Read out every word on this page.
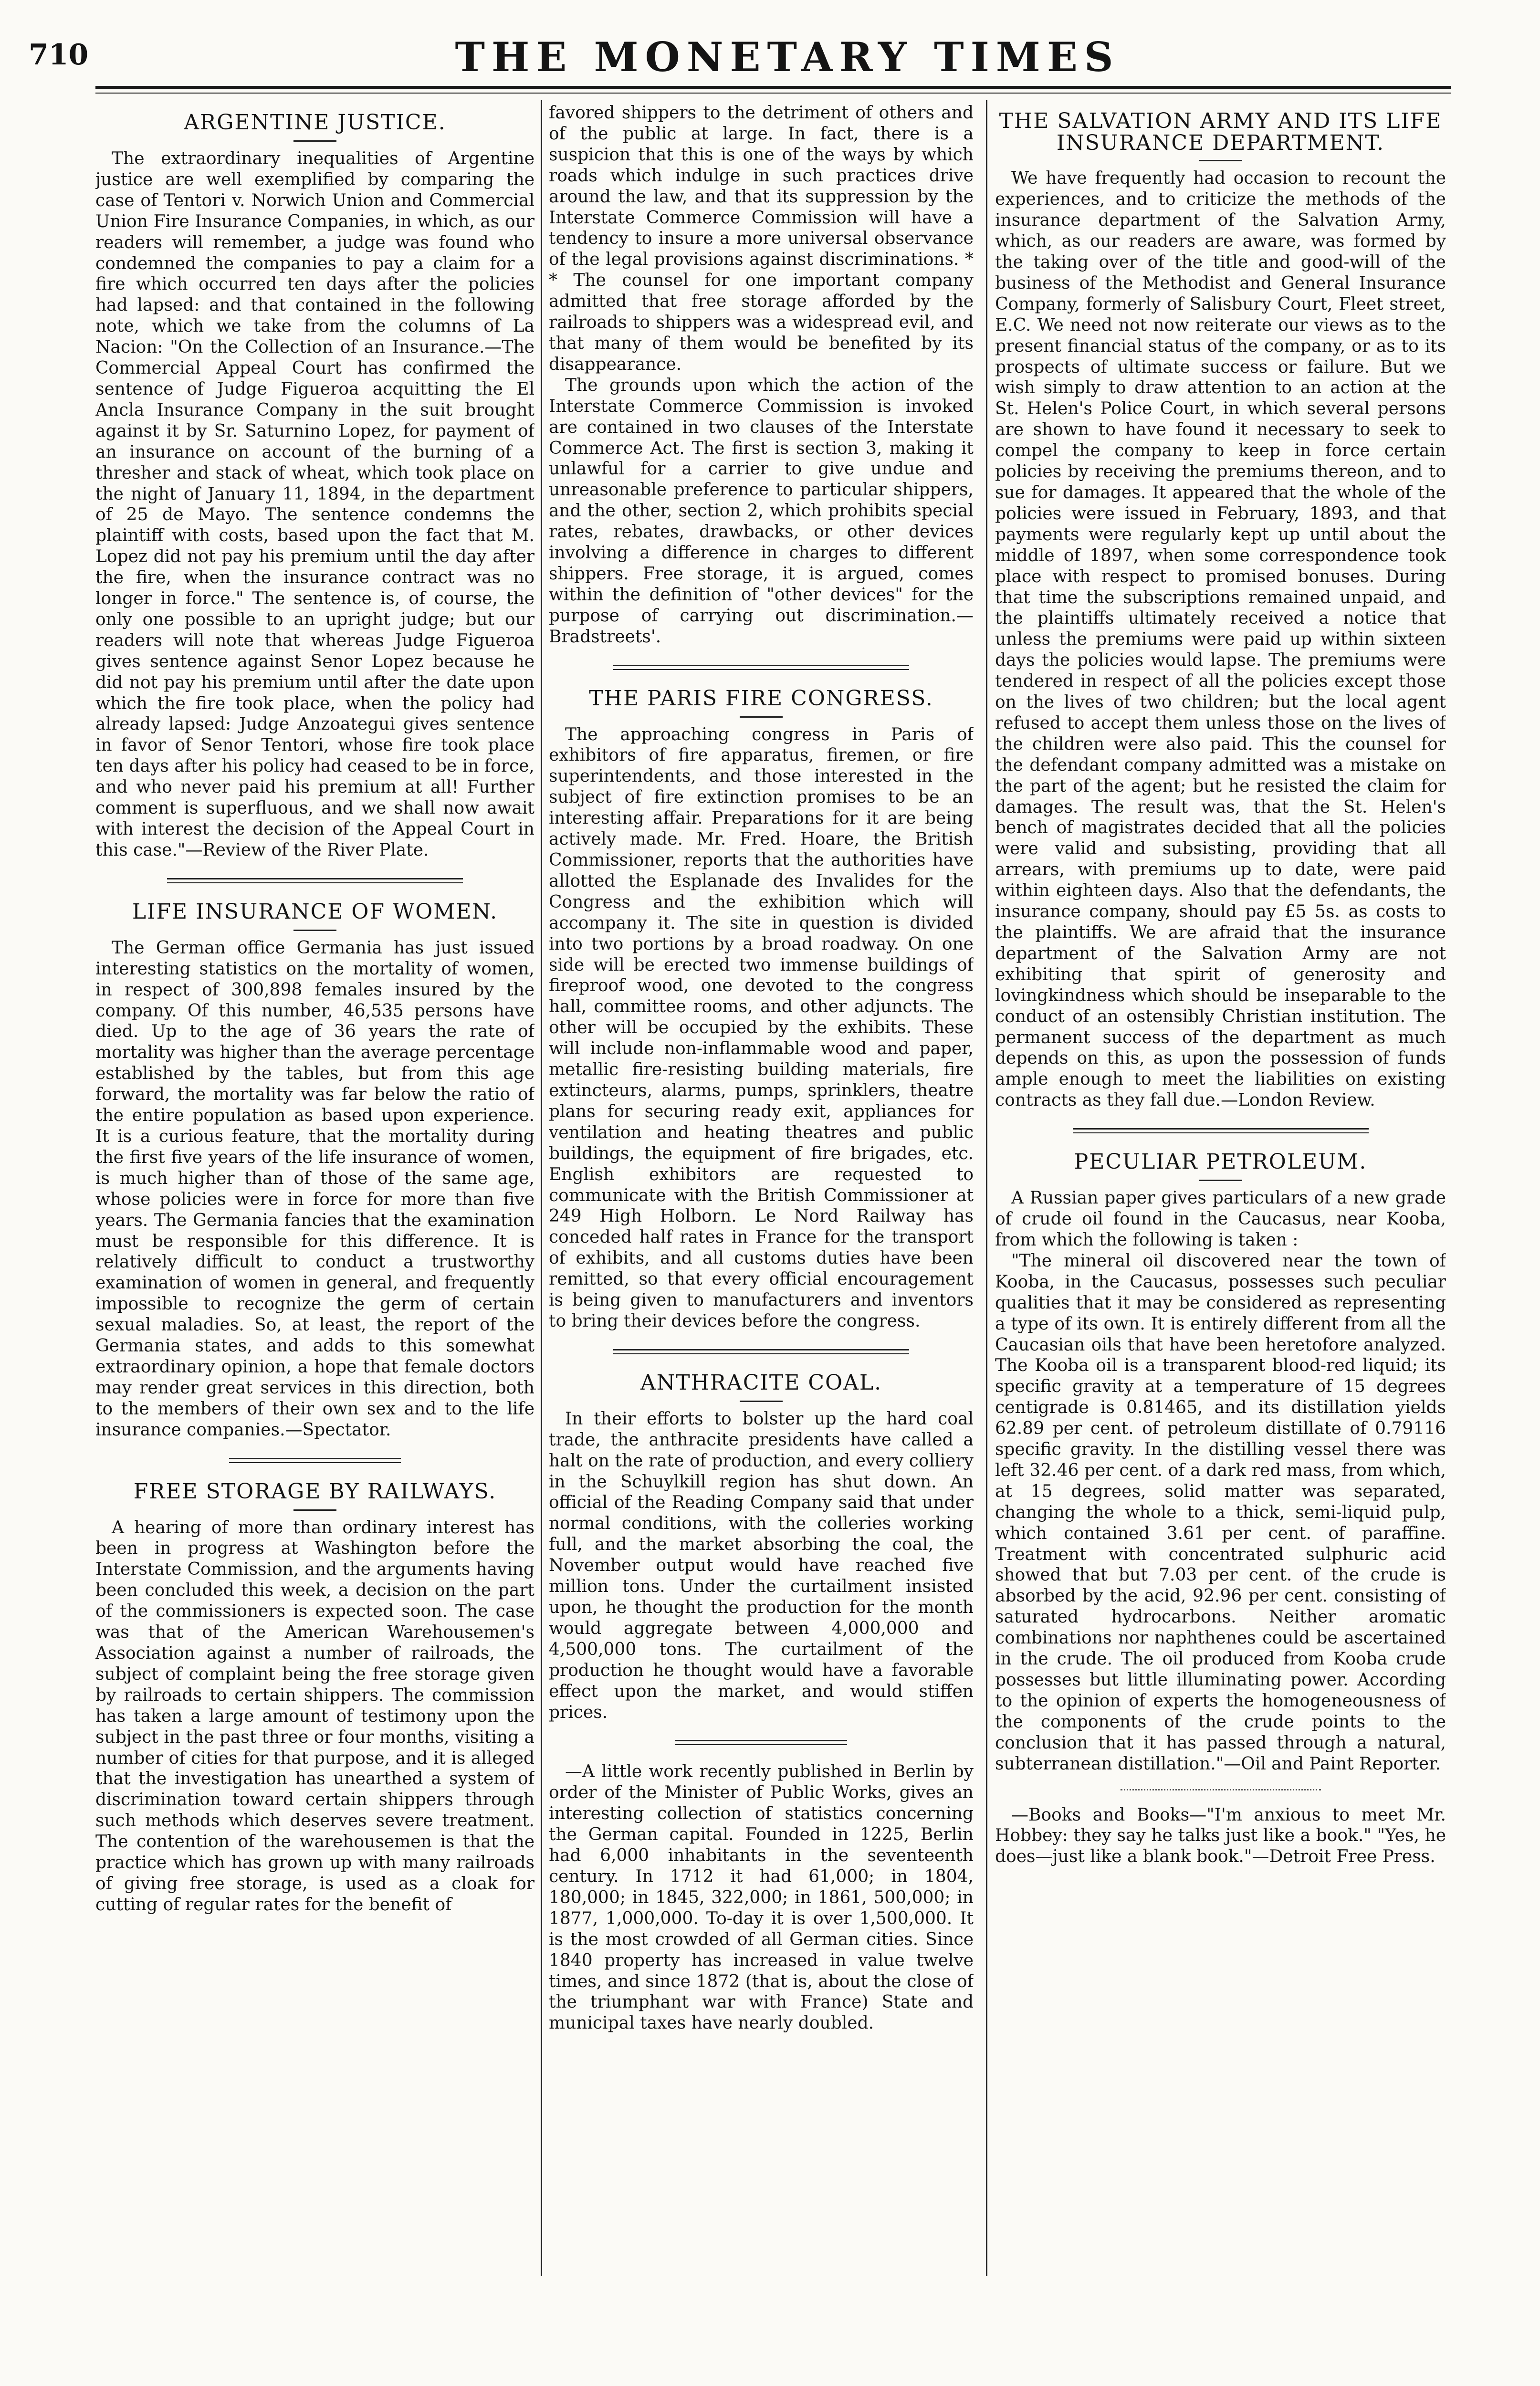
710	THE MONETARY TIMES
ARGENTINE JUSTICE.

The extraordinary inequalities of Argentine justice are well exemplified by comparing the case of Tentori v. Norwich Union and Commercial Union Fire Insurance Companies, in which, as our readers will remember, a judge was found who condemned the companies to pay a claim for a fire which occurred ten days after the policies had lapsed: and that contained in the following note, which we take from the columns of La Nacion: "On the Collection of an Insurance.—The Commercial Appeal Court has confirmed the sentence of Judge Figueroa acquitting the El Ancla Insurance Company in the suit brought against it by Sr. Saturnino Lopez, for payment of an insurance on account of the burning of a thresher and stack of wheat, which took place on the night of January 11, 1894, in the department of 25 de Mayo. The sentence condemns the plaintiff with costs, based upon the fact that M. Lopez did not pay his premium until the day after the fire, when the insurance contract was no longer in force." The sentence is, of course, the only one possible to an upright judge; but our readers will note that whereas Judge Figueroa gives sentence against Senor Lopez because he did not pay his premium until after the date upon which the fire took place, when the policy had already lapsed: Judge Anzoategui gives sentence in favor of Senor Tentori, whose fire took place ten days after his policy had ceased to be in force, and who never paid his premium at all! Further comment is superfluous, and we shall now await with interest the decision of the Appeal Court in this case."—Review of the River Plate.

LIFE INSURANCE OF WOMEN.

The German office Germania has just issued interesting statistics on the mortality of women, in respect of 300,898 females insured by the company. Of this number, 46,535 persons have died. Up to the age of 36 years the rate of mortality was higher than the average percentage established by the tables, but from this age forward, the mortality was far below the ratio of the entire population as based upon experience. It is a curious feature, that the mortality during the first five years of the life insurance of women, is much higher than of those of the same age, whose policies were in force for more than five years. The Germania fancies that the examination must be responsible for this difference. It is relatively difficult to conduct a trustworthy examination of women in general, and frequently impossible to recognize the germ of certain sexual maladies. So, at least, the report of the Germania states, and adds to this somewhat extraordinary opinion, a hope that female doctors may render great services in this direction, both to the members of their own sex and to the life insurance companies.—Spectator.

FREE STORAGE BY RAILWAYS.

A hearing of more than ordinary interest has been in progress at Washington before the Interstate Commission, and the arguments having been concluded this week, a decision on the part of the commissioners is expected soon. The case was that of the American Warehousemen's Association against a number of railroads, the subject of complaint being the free storage given by railroads to certain shippers. The commission has taken a large amount of testimony upon the subject in the past three or four months, visiting a number of cities for that purpose, and it is alleged that the investigation has unearthed a system of discrimination toward certain shippers through such methods which deserves severe treatment. The contention of the warehousemen is that the practice which has grown up with many railroads of giving free storage, is used as a cloak for cutting of regular rates for the benefit of

favored shippers to the detriment of others and of the public at large. In fact, there is a suspicion that this is one of the ways by which roads which indulge in such practices drive around the law, and that its suppression by the Interstate Commerce Commission will have a tendency to insure a more universal observance of the legal provisions against discriminations. * * The counsel for one important company admitted that free storage afforded by the railroads to shippers was a widespread evil, and that many of them would be benefited by its disappearance.

The grounds upon which the action of the Interstate Commerce Commission is invoked are contained in two clauses of the Interstate Commerce Act. The first is section 3, making it unlawful for a carrier to give undue and unreasonable preference to particular shippers, and the other, section 2, which prohibits special rates, rebates, drawbacks, or other devices involving a difference in charges to different shippers. Free storage, it is argued, comes within the definition of "other devices" for the purpose of carrying out discrimination.—Bradstreets'.

THE PARIS FIRE CONGRESS.

The approaching congress in Paris of exhibitors of fire apparatus, firemen, or fire superintendents, and those interested in the subject of fire extinction promises to be an interesting affair. Preparations for it are being actively made. Mr. Fred. Hoare, the British Commissioner, reports that the authorities have allotted the Esplanade des Invalides for the Congress and the exhibition which will accompany it. The site in question is divided into two portions by a broad roadway. On one side will be erected two immense buildings of fireproof wood, one devoted to the congress hall, committee rooms, and other adjuncts. The other will be occupied by the exhibits. These will include non-inflammable wood and paper, metallic fire-resisting building materials, fire extincteurs, alarms, pumps, sprinklers, theatre plans for securing ready exit, appliances for ventilation and heating theatres and public buildings, the equipment of fire brigades, etc. English exhibitors are requested to communicate with the British Commissioner at 249 High Holborn. Le Nord Railway has conceded half rates in France for the transport of exhibits, and all customs duties have been remitted, so that every official encouragement is being given to manufacturers and inventors to bring their devices before the congress.

ANTHRACITE COAL.

In their efforts to bolster up the hard coal trade, the anthracite presidents have called a halt on the rate of production, and every colliery in the Schuylkill region has shut down. An official of the Reading Company said that under normal conditions, with the colleries working full, and the market absorbing the coal, the November output would have reached five million tons. Under the curtailment insisted upon, he thought the production for the month would aggregate between 4,000,000 and 4,500,000 tons. The curtailment of the production he thought would have a favorable effect upon the market, and would stiffen prices.

—A little work recently published in Berlin by order of the Minister of Public Works, gives an interesting collection of statistics concerning the German capital. Founded in 1225, Berlin had 6,000 inhabitants in the seventeenth century. In 1712 it had 61,000; in 1804, 180,000; in 1845, 322,000; in 1861, 500,000; in 1877, 1,000,000. To-day it is over 1,500,000. It is the most crowded of all German cities. Since 1840 property has increased in value twelve times, and since 1872 (that is, about the close of the triumphant war with France) State and municipal taxes have nearly doubled.

THE SALVATION ARMY AND ITS LIFE INSURANCE DEPARTMENT.

We have frequently had occasion to recount the experiences, and to criticize the methods of the insurance department of the Salvation Army, which, as our readers are aware, was formed by the taking over of the title and good-will of the business of the Methodist and General Insurance Company, formerly of Salisbury Court, Fleet street, E.C. We need not now reiterate our views as to the present financial status of the company, or as to its prospects of ultimate success or failure. But we wish simply to draw attention to an action at the St. Helen's Police Court, in which several persons are shown to have found it necessary to seek to compel the company to keep in force certain policies by receiving the premiums thereon, and to sue for damages. It appeared that the whole of the policies were issued in February, 1893, and that payments were regularly kept up until about the middle of 1897, when some correspondence took place with respect to promised bonuses. During that time the subscriptions remained unpaid, and the plaintiffs ultimately received a notice that unless the premiums were paid up within sixteen days the policies would lapse. The premiums were tendered in respect of all the policies except those on the lives of two children; but the local agent refused to accept them unless those on the lives of the children were also paid. This the counsel for the defendant company admitted was a mistake on the part of the agent; but he resisted the claim for damages. The result was, that the St. Helen's bench of magistrates decided that all the policies were valid and subsisting, providing that all arrears, with premiums up to date, were paid within eighteen days. Also that the defendants, the insurance company, should pay £5 5s. as costs to the plaintiffs. We are afraid that the insurance department of the Salvation Army are not exhibiting that spirit of generosity and lovingkindness which should be inseparable to the conduct of an ostensibly Christian institution. The permanent success of the department as much depends on this, as upon the possession of funds ample enough to meet the liabilities on existing contracts as they fall due.—London Review.

PECULIAR PETROLEUM.

A Russian paper gives particulars of a new grade of crude oil found in the Caucasus, near Kooba, from which the following is taken :

"The mineral oil discovered near the town of Kooba, in the Caucasus, possesses such peculiar qualities that it may be considered as representing a type of its own. It is entirely different from all the Caucasian oils that have been heretofore analyzed. The Kooba oil is a transparent blood-red liquid; its specific gravity at a temperature of 15 degrees centigrade is 0.81465, and its distillation yields 62.89 per cent. of petroleum distillate of 0.79116 specific gravity. In the distilling vessel there was left 32.46 per cent. of a dark red mass, from which, at 15 degrees, solid matter was separated, changing the whole to a thick, semi-liquid pulp, which contained 3.61 per cent. of paraffine. Treatment with concentrated sulphuric acid showed that but 7.03 per cent. of the crude is absorbed by the acid, 92.96 per cent. consisting of saturated hydrocarbons. Neither aromatic combinations nor naphthenes could be ascertained in the crude. The oil produced from Kooba crude possesses but little illuminating power. According to the opinion of experts the homogeneousness of the components of the crude points to the conclusion that it has passed through a natural, subterranean distillation."—Oil and Paint Reporter.

—Books and Books—"I'm anxious to meet Mr. Hobbey: they say he talks just like a book." "Yes, he does—just like a blank book."—Detroit Free Press.
